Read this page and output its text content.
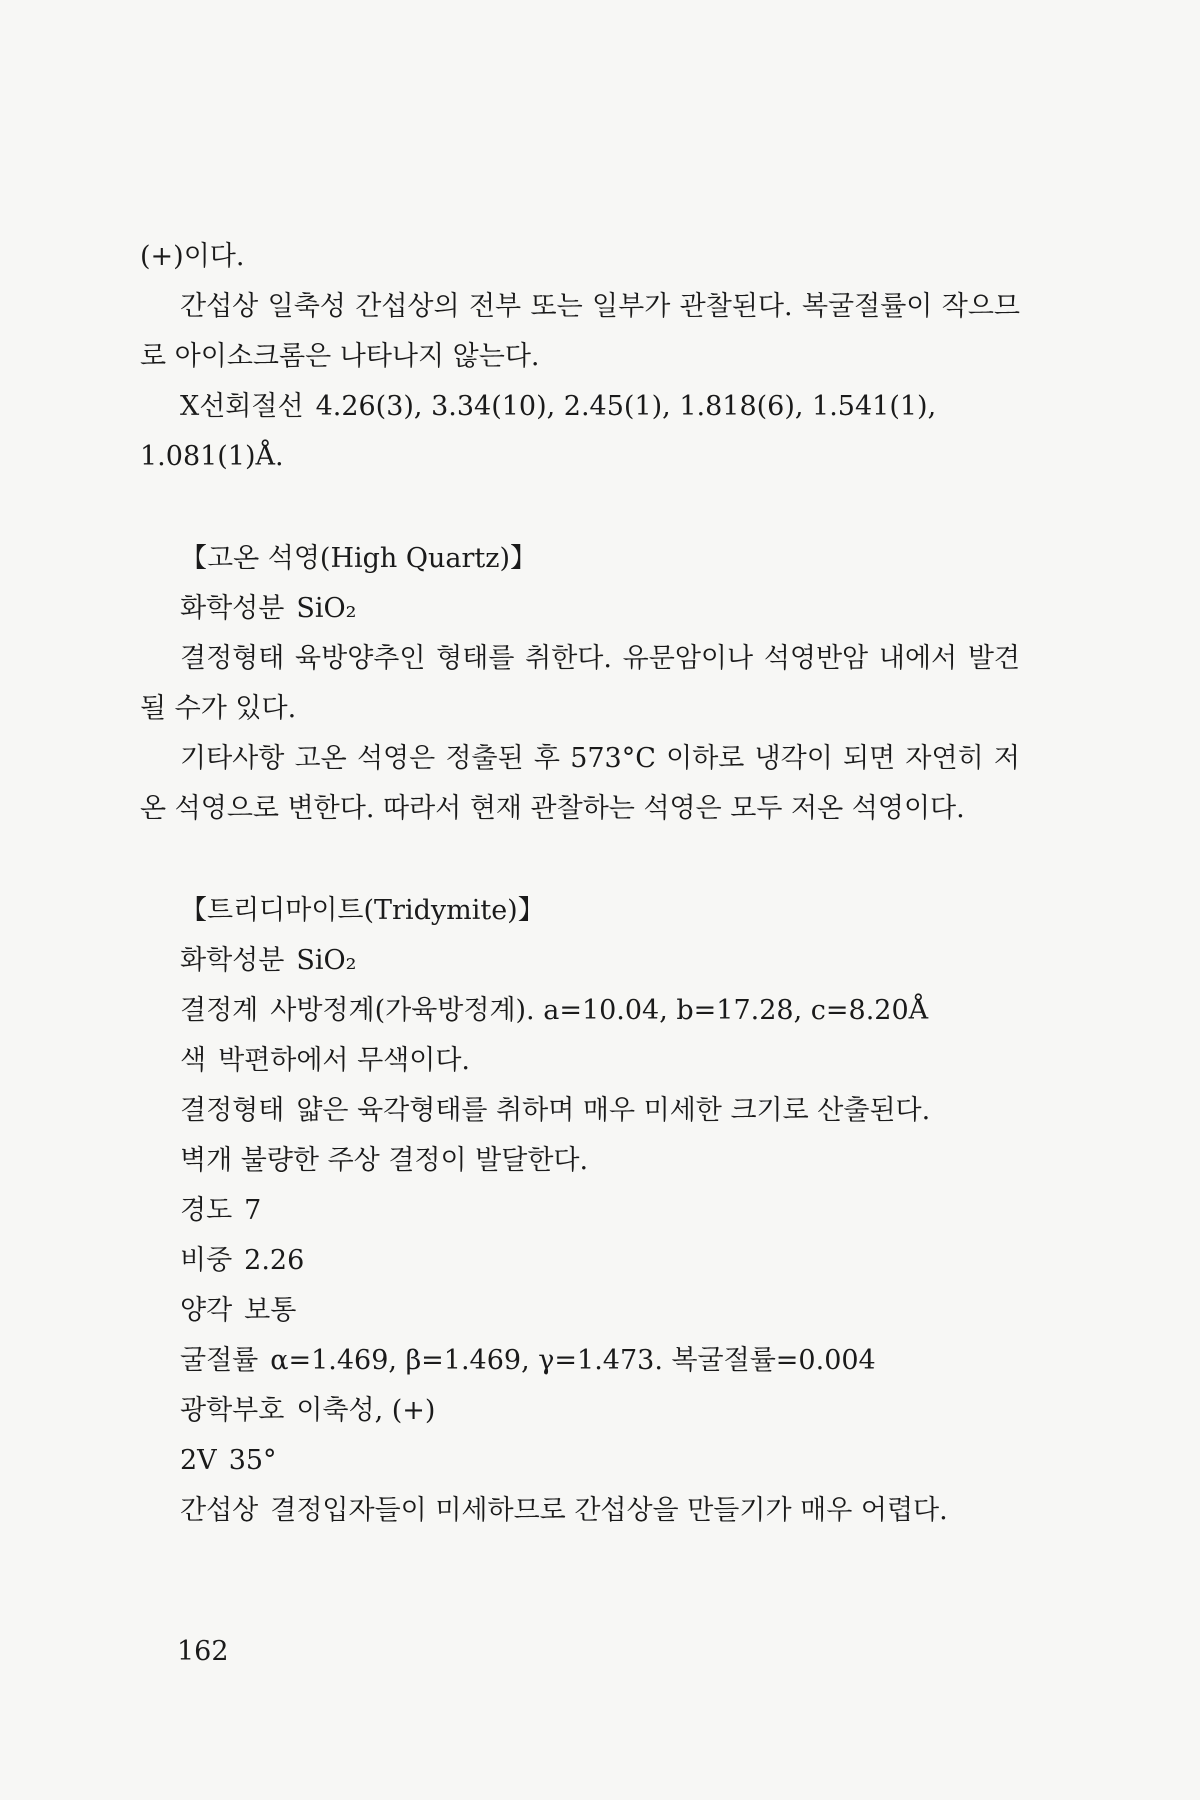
(+)이다.

간섭상 일축성 간섭상의 전부 또는 일부가 관찰된다. 복굴절률이 작으므로 아이소크롬은 나타나지 않는다.

X선회절선 4.26(3), 3.34(10), 2.45(1), 1.818(6), 1.541(1),

1.081(1)Å.

【고온 석영(High Quartz)】

화학성분 SiO₂

결정형태 육방양추인 형태를 취한다. 유문암이나 석영반암 내에서 발견될 수가 있다.

기타사항 고온 석영은 정출된 후 573°C 이하로 냉각이 되면 자연히 저온 석영으로 변한다. 따라서 현재 관찰하는 석영은 모두 저온 석영이다.

【트리디마이트(Tridymite)】

화학성분 SiO₂

결정계 사방정계(가육방정계). a=10.04, b=17.28, c=8.20Å

색 박편하에서 무색이다.

결정형태 얇은 육각형태를 취하며 매우 미세한 크기로 산출된다.

벽개 불량한 주상 결정이 발달한다.

경도 7

비중 2.26

양각 보통

굴절률 α=1.469, β=1.469, γ=1.473. 복굴절률=0.004

광학부호 이축성, (+)

2V 35°

간섭상 결정입자들이 미세하므로 간섭상을 만들기가 매우 어렵다.

162
